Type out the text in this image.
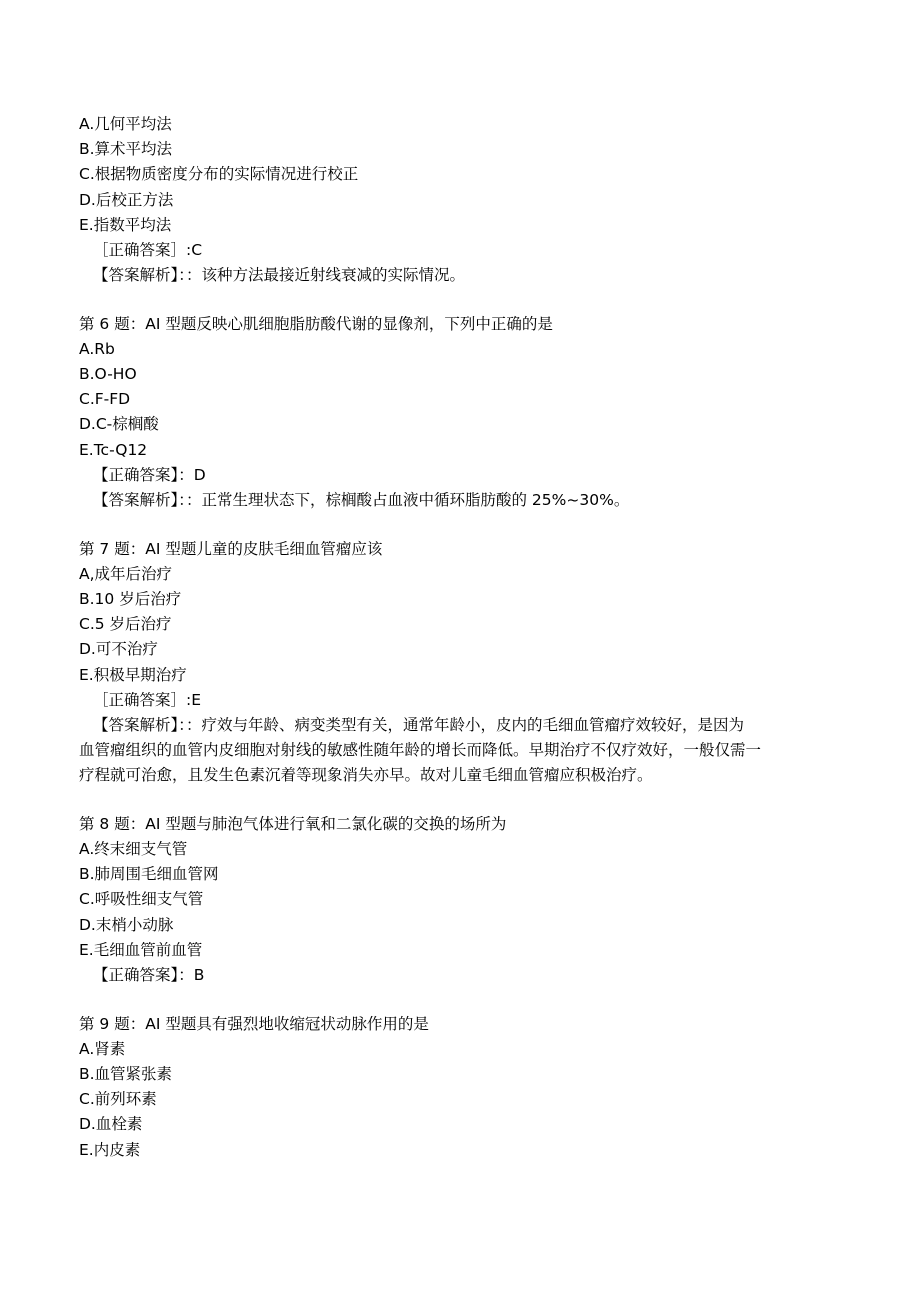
A.几何平均法
B.算术平均法
C.根据物质密度分布的实际情况进行校正
D.后校正方法
E.指数平均法
［正确答案］:C
【答案解析】：：该种方法最接近射线衰减的实际情况。
第 6 题：AI 型题反映心肌细胞脂肪酸代谢的显像剂，下列中正确的是
A.Rb
B.O-HO
C.F-FD
D.C-棕榈酸
E.Tc-Q12
【正确答案】：D
【答案解析】：：正常生理状态下，棕榈酸占血液中循环脂肪酸的 25%~30%。
第 7 题：AI 型题儿童的皮肤毛细血管瘤应该
A,成年后治疗
B.10 岁后治疗
C.5 岁后治疗
D.可不治疗
E.积极早期治疗
［正确答案］:E
【答案解析】：：疗效与年龄、病变类型有关，通常年龄小，皮内的毛细血管瘤疗效较好，是因为
血管瘤组织的血管内皮细胞对射线的敏感性随年龄的增长而降低。早期治疗不仅疗效好，一般仅需一
疗程就可治愈，且发生色素沉着等现象消失亦早。故对儿童毛细血管瘤应积极治疗。
第 8 题：AI 型题与肺泡气体进行氧和二氯化碳的交换的场所为
A.终末细支气管
B.肺周围毛细血管网
C.呼吸性细支气管
D.末梢小动脉
E.毛细血管前血管
【正确答案】：B
第 9 题：AI 型题具有强烈地收缩冠状动脉作用的是
A.肾素
B.血管紧张素
C.前列环素
D.血栓素
E.内皮素
